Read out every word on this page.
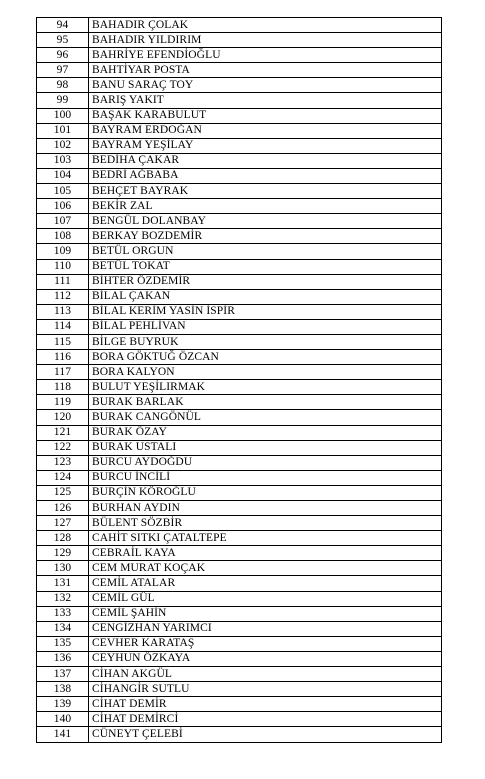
94	BAHADIR ÇOLAK
95	BAHADIR YILDIRIM
96	BAHRİYE EFENDİOĞLU
97	BAHTİYAR POSTA
98	BANU SARAÇ TOY
99	BARIŞ YAKIT
100	BAŞAK KARABULUT
101	BAYRAM ERDOĞAN
102	BAYRAM YEŞİLAY
103	BEDİHA ÇAKAR
104	BEDRİ AĞBABA
105	BEHÇET BAYRAK
106	BEKİR ZAL
107	BENGÜL DOLANBAY
108	BERKAY BOZDEMİR
109	BETÜL ORGUN
110	BETÜL TOKAT
111	BİHTER ÖZDEMİR
112	BİLAL ÇAKAN
113	BİLAL KERİM YASİN İSPİR
114	BİLAL PEHLİVAN
115	BİLGE BUYRUK
116	BORA GÖKTUĞ ÖZCAN
117	BORA KALYON
118	BULUT YEŞİLIRMAK
119	BURAK BARLAK
120	BURAK CANGÖNÜL
121	BURAK ÖZAY
122	BURAK USTALI
123	BURCU AYDOĞDU
124	BURCU İNCİLİ
125	BURÇİN KÖROĞLU
126	BURHAN AYDIN
127	BÜLENT SÖZBİR
128	CAHİT SITKI ÇATALTEPE
129	CEBRAİL KAYA
130	CEM MURAT KOÇAK
131	CEMİL ATALAR
132	CEMİL GÜL
133	CEMİL ŞAHİN
134	CENGİZHAN YARIMCI
135	CEVHER KARATAŞ
136	CEYHUN ÖZKAYA
137	CİHAN AKGÜL
138	CİHANGİR SUTLU
139	CİHAT DEMİR
140	CİHAT DEMİRCİ
141	CÜNEYT ÇELEBİ
